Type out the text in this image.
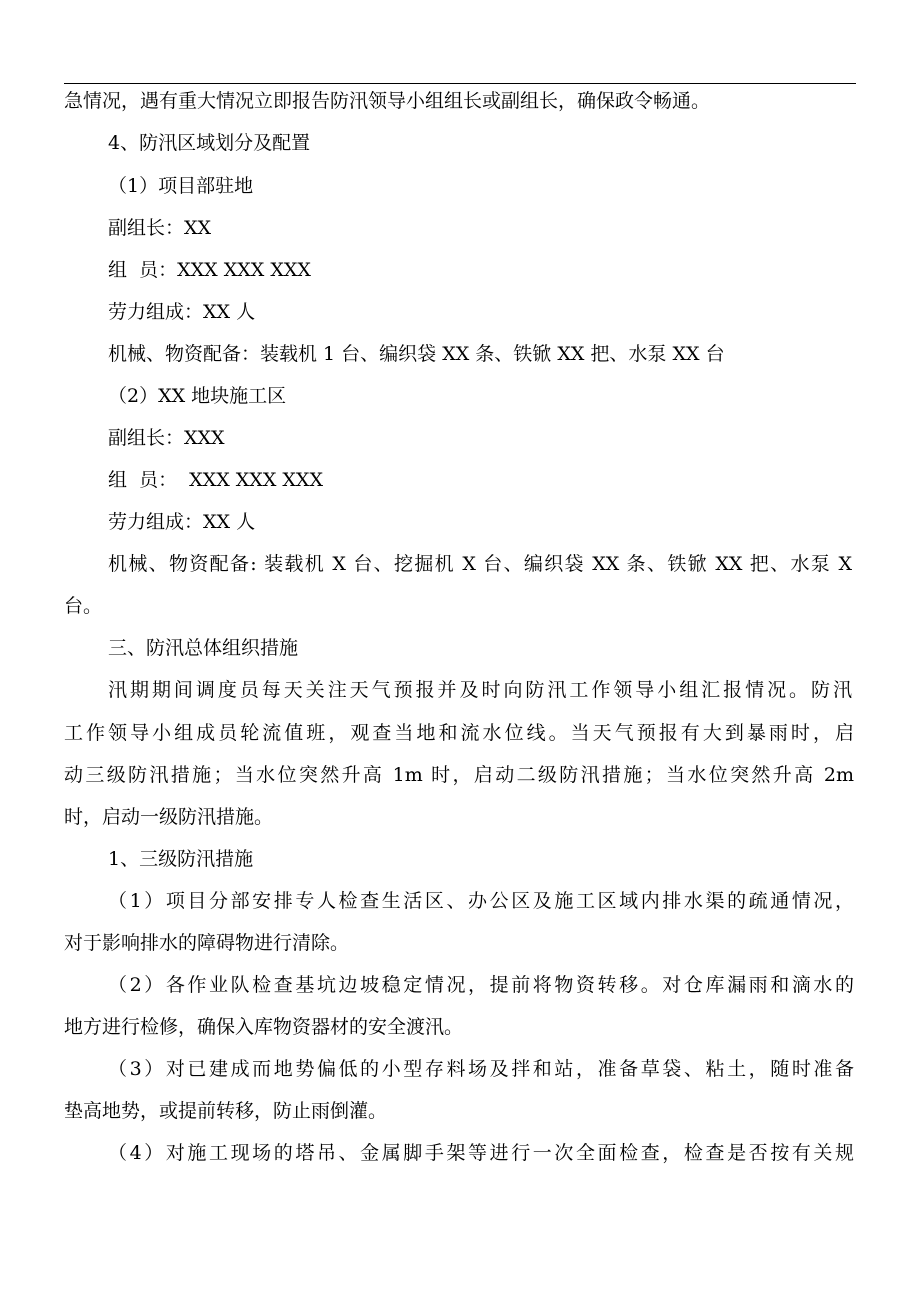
急情况，遇有重大情况立即报告防汛领导小组组长或副组长，确保政令畅通。
4、防汛区域划分及配置
（1）项目部驻地
副组长：XX
组  员：XXX XXX XXX
劳力组成：XX 人
机械、物资配备：装载机 1 台、编织袋 XX 条、铁锨 XX 把、水泵 XX 台
（2）XX 地块施工区
副组长：XXX
组  员：  XXX XXX XXX
劳力组成：XX 人
机械、物资配备: 装载机 X 台、挖掘机 X 台、编织袋 XX 条、铁锨 XX 把、水泵 X
台。
三、防汛总体组织措施
汛期期间调度员每天关注天气预报并及时向防汛工作领导小组汇报情况。防汛
工作领导小组成员轮流值班，观查当地和流水位线。当天气预报有大到暴雨时，启
动三级防汛措施；当水位突然升高 1m 时，启动二级防汛措施；当水位突然升高 2m
时，启动一级防汛措施。
1、三级防汛措施
（1）项目分部安排专人检查生活区、办公区及施工区域内排水渠的疏通情况，
对于影响排水的障碍物进行清除。
（2）各作业队检查基坑边坡稳定情况，提前将物资转移。对仓库漏雨和滴水的
地方进行检修，确保入库物资器材的安全渡汛。
（3）对已建成而地势偏低的小型存料场及拌和站，准备草袋、粘土，随时准备
垫高地势，或提前转移，防止雨倒灌。
（4）对施工现场的塔吊、金属脚手架等进行一次全面检查，检查是否按有关规
